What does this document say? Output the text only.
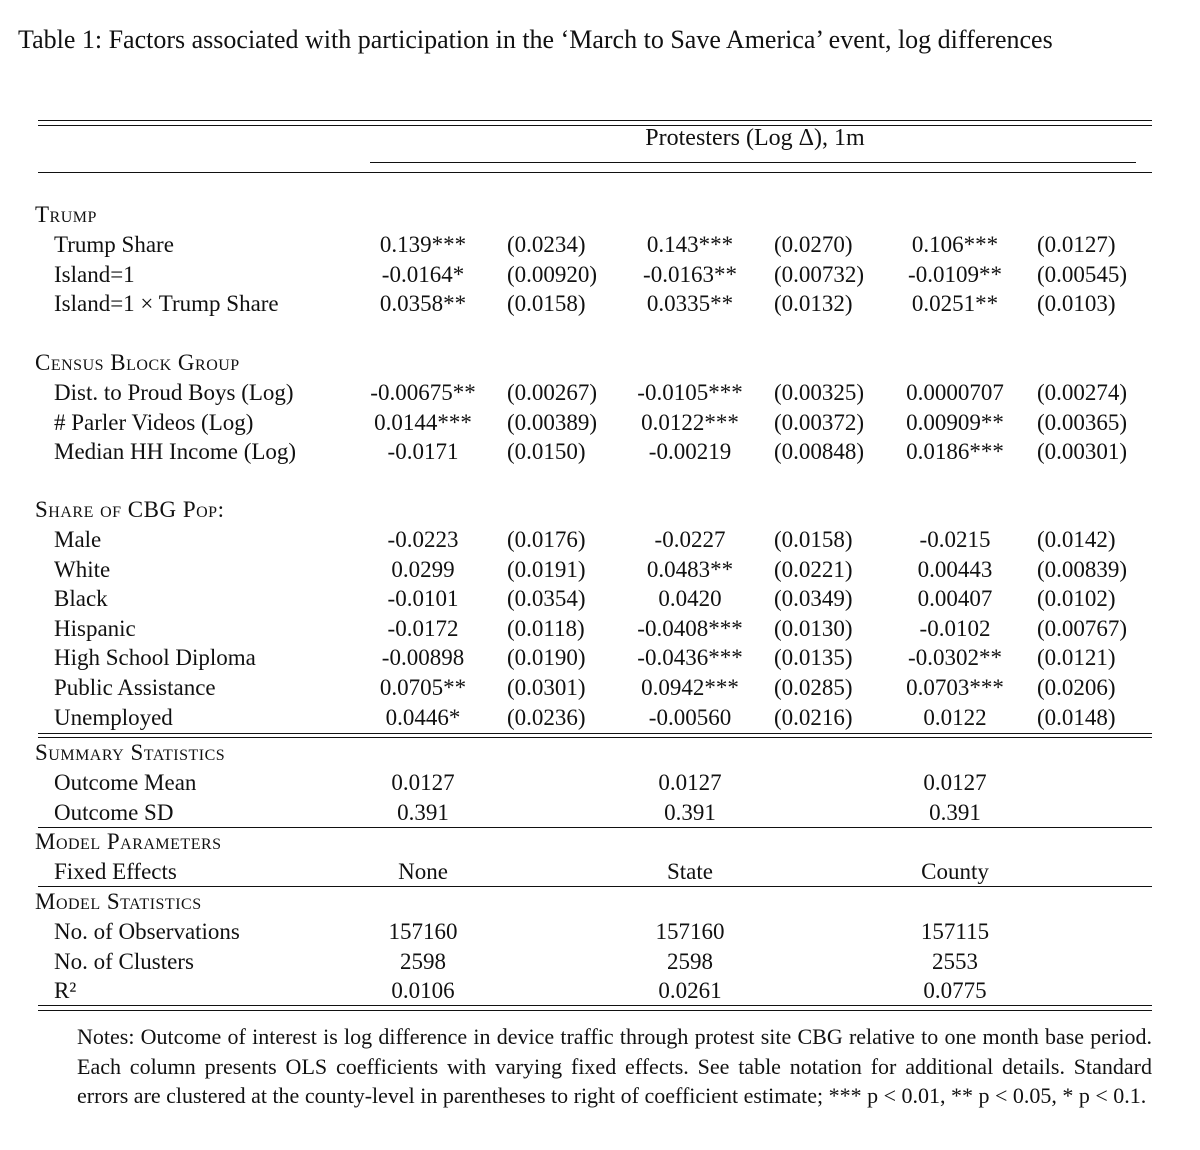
Table 1: Factors associated with participation in the ‘March to Save America’ event, log differences
Protesters (Log Δ), 1m
Trump
Trump Share	0.139***	(0.0234)	0.143***	(0.0270)	0.106***	(0.0127)
Island=1	-0.0164*	(0.00920)	-0.0163**	(0.00732)	-0.0109**	(0.00545)
Island=1 × Trump Share	0.0358**	(0.0158)	0.0335**	(0.0132)	0.0251**	(0.0103)
Census Block Group
Dist. to Proud Boys (Log)	-0.00675**	(0.00267)	-0.0105***	(0.00325)	0.0000707	(0.00274)
# Parler Videos (Log)	0.0144***	(0.00389)	0.0122***	(0.00372)	0.00909**	(0.00365)
Median HH Income (Log)	-0.0171	(0.0150)	-0.00219	(0.00848)	0.0186***	(0.00301)
Share of CBG Pop:
Male	-0.0223	(0.0176)	-0.0227	(0.0158)	-0.0215	(0.0142)
White	0.0299	(0.0191)	0.0483**	(0.0221)	0.00443	(0.00839)
Black	-0.0101	(0.0354)	0.0420	(0.0349)	0.00407	(0.0102)
Hispanic	-0.0172	(0.0118)	-0.0408***	(0.0130)	-0.0102	(0.00767)
High School Diploma	-0.00898	(0.0190)	-0.0436***	(0.0135)	-0.0302**	(0.0121)
Public Assistance	0.0705**	(0.0301)	0.0942***	(0.0285)	0.0703***	(0.0206)
Unemployed	0.0446*	(0.0236)	-0.00560	(0.0216)	0.0122	(0.0148)
Summary Statistics
Outcome Mean	0.0127	0.0127	0.0127
Outcome SD	0.391	0.391	0.391
Model Parameters
Fixed Effects	None	State	County
Model Statistics
No. of Observations	157160	157160	157115
No. of Clusters	2598	2598	2553
R²	0.0106	0.0261	0.0775
Notes: Outcome of interest is log difference in device traffic through protest site CBG relative to one month base period. Each column presents OLS coefficients with varying fixed effects. See table notation for additional details. Standard errors are clustered at the county-level in parentheses to right of coefficient estimate; *** p < 0.01, ** p < 0.05, * p < 0.1.
